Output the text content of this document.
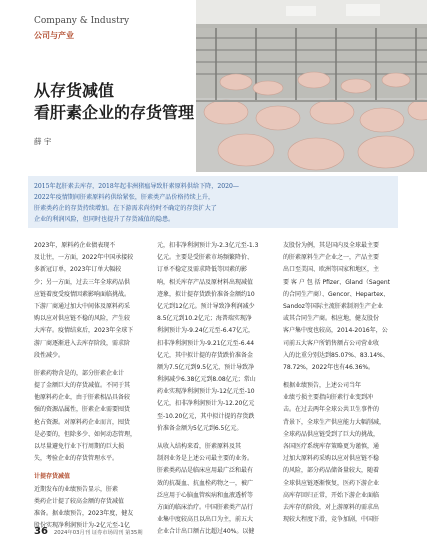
Company & Industry
公司与产业
从存货减值
看肝素企业的存货管理
薛 宇
2015年起肝素去库存，2018年起非洲猪瘟导致肝素原料供给下降，2020—
2022年疫情期间肝素原料药供给紧张，肝素类产品价格持续上升，
肝素类药企的存货持续增加。在下游需求尚待时不确定的存货扩大了
企业的利润风险，但同时也提升了存货减值的隐患。
2023年，原料药企业债表现不
及让往，一方面，2022年中国承接较
多新冠订单，2023年订单大幅较
少；另一方面，过去三年全球药品供
应链着度受疫情因素影响面临挑战。
下游厂商通过加大中间体及原料药采
购以应对供应链不稳的风险，产生较
大库存。疫情结束后，2023年全球下
游厂商逐渐进入去库存阶段，需求阶
段性减少。
肝素药物含是的，部分肝素企业计
提了金额巨大的存货减值。不同于其
他原料药企业，由于肝素相品具备较
强的资源品属性，肝素企业需要囤货
抢占资源。对原料药企业而言，囤货
是必要的，但除多少、如何动态管理，
以尽量避免行业下行周期的巨大损
失，考验企业的存货管理水平。
计提存货减值
近期发布的业绩预告显示，肝素
类药企计提了较高金额的存货减值
准备。据业绩预告，2023年度，健友
股份实现净利润预计为-2亿元至-1亿
元，扣非净利润预计为-2.3亿元至-1.3
亿元。主要是受肝素市场频繁降价、
订单不稳定及需求降低等因素的影
响，相关库存产品及原材料出现减值
迹象，拟计提存货跌价准备金额约10
亿元到12亿元。预计导致净利润减少
8.5亿元到10.2亿元；海普瑞实现净
利润预计为-9.24亿元至-6.47亿元，
扣非净利润预计为-9.21亿元至-6.44
亿元，其中拟计提的存货跌价准备金
额为7.5亿元到9.5亿元，预计导致净
利润减少6.38亿元到8.08亿元；常山
药业实现净利润预计为-12亿元至-10
亿元，扣非净利润预计为-12.20亿元
至-10.20亿元，其中拟计提的存货跌
价准备金额为5亿元到6.5亿元。
从收入结构来看，肝素原料及其
制剂业务是上述公司最主要的业务。
肝素类药品是临床应用最广泛和最有
效的抗凝血、抗血栓药物之一，被广
泛应用于心脑血管疾病和血液透析等
方面的临床治疗。中国肝素类产品行
业集中度较高且以出口为主，前五大
企业合计出口额占比超过40%。以健
友股份为例，其是国内及全球最主要
的肝素原料生产企业之一，产品主要
出口至美国、欧洲等国家和地区，主
要 客 户 包 括 Pfizer、Gland（Sagent
的合同生产商）、Gencor、Hepartex、
Sandoz等国际主流肝素制剂生产企业
或其合同生产商。相应地，健友股份
客户集中度也较高，2014-2016年，公
司前五大客户所销售额占公司营业收
入的比重分别达到85.07%、83.14%、
78.72%，2022年也有46.36%。
根据业绩预告，上述公司当年
业绩亏损主要指向肝素行业变到冲
击。在过去两年全球公共卫生事件的
背景下，全球生产供应能力大幅削减，
全球药品供应链受到了巨大的挑战，
各国医疗系统库存策略更为谨慎，通
过加大原料药采购以应对供应链不稳
的风险，部分药品储备量较大，随着
全球供应链逐渐恢复，医药下游企业
高库存回归正常，开始下游企业面临
去库存的阶段，对上游原料的需求出
现较大程度下滑，竞争加剧，中国肝
36 2024年03月刊 证券市场周刊 第35期
